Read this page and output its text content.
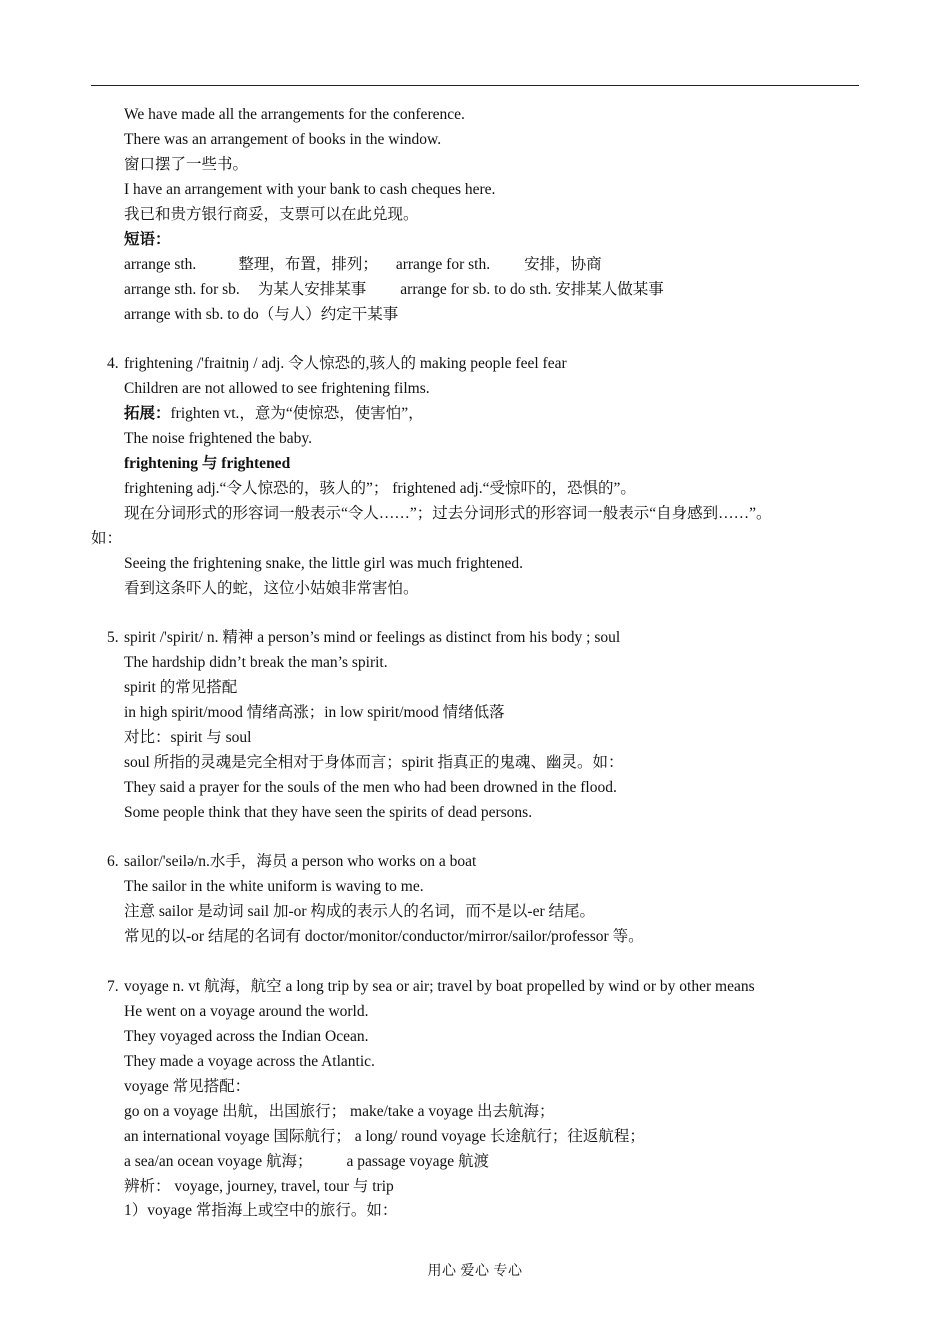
We have made all the arrangements for the conference.
There was an arrangement of books in the window.
窗口摆了一些书。
I have an arrangement with your bank to cash cheques here.
我已和贵方银行商妥，支票可以在此兑现。
短语：
arrange sth.	整理，布置，排列； arrange for sth. 安排，协商
arrange sth. for sb. 为某人安排某事 arrange for sb. to do sth. 安排某人做某事
arrange with sb. to do（与人）约定干某事
4. frightening /'fraitniŋ / adj. 令人惊恐的,骇人的 making people feel fear
Children are not allowed to see frightening films.
拓展：frighten vt.，意为“使惊恐，使害怕”，
The noise frightened the baby.
frightening 与 frightened
frightening adj.“令人惊恐的，骇人的”； frightened adj.“受惊吓的，恐惧的”。
现在分词形式的形容词一般表示“令人……”；过去分词形式的形容词一般表示“自身感到……”。
如：
Seeing the frightening snake, the little girl was much frightened.
看到这条吓人的蛇，这位小姑娘非常害怕。
5. spirit /'spirit/ n. 精神 a person’s mind or feelings as distinct from his body ; soul
The hardship didn’t break the man’s spirit.
spirit 的常见搭配
in high spirit/mood 情绪高涨；in low spirit/mood 情绪低落
对比：spirit 与 soul
soul 所指的灵魂是完全相对于身体而言；spirit 指真正的鬼魂、幽灵。如：
They said a prayer for the souls of the men who had been drowned in the flood.
Some people think that they have seen the spirits of dead persons.
6. sailor/'seilə/n.水手，海员 a person who works on a boat
The sailor in the white uniform is waving to me.
注意 sailor 是动词 sail 加-or 构成的表示人的名词，而不是以-er 结尾。
常见的以-or 结尾的名词有 doctor/monitor/conductor/mirror/sailor/professor 等。
7. voyage n. vt 航海，航空 a long trip by sea or air; travel by boat propelled by wind or by other means
He went on a voyage around the world.
They voyaged across the Indian Ocean.
They made a voyage across the Atlantic.
voyage 常见搭配：
go on a voyage 出航，出国旅行； make/take a voyage 出去航海；
an international voyage 国际航行； a long/ round voyage 长途航行；往返航程；
a sea/an ocean voyage 航海； a passage voyage 航渡
辨析： voyage, journey, travel, tour 与 trip
1）voyage 常指海上或空中的旅行。如：
用心 爱心 专心
